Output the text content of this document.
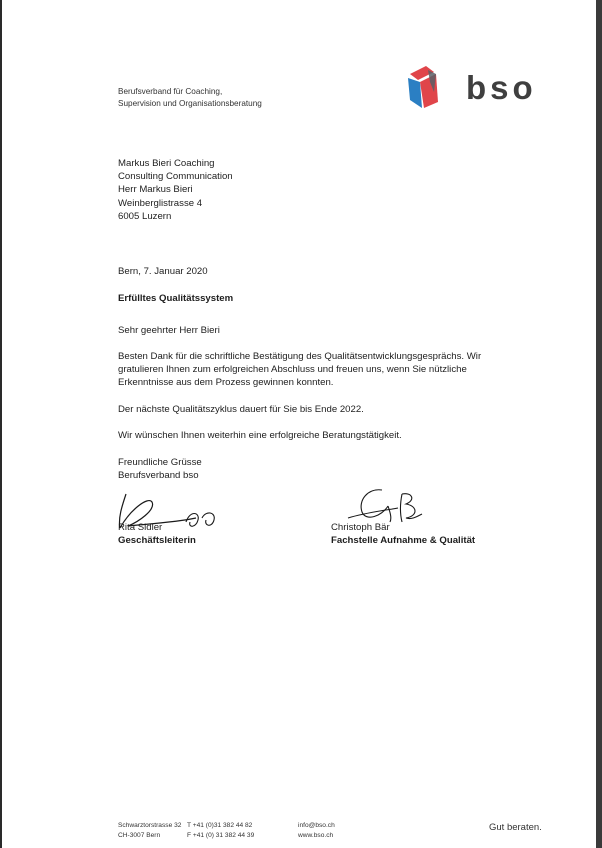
Berufsverband für Coaching,
Supervision und Organisationsberatung	bso
Markus Bieri Coaching
Consulting Communication
Herr Markus Bieri
Weinberglistrasse 4
6005 Luzern
Bern, 7. Januar 2020
Erfülltes Qualitätssystem
Sehr geehrter Herr Bieri
Besten Dank für die schriftliche Bestätigung des Qualitätsentwicklungsgesprächs. Wir
gratulieren Ihnen zum erfolgreichen Abschluss und freuen uns, wenn Sie nützliche
Erkenntnisse aus dem Prozess gewinnen konnten.
Der nächste Qualitätszyklus dauert für Sie bis Ende 2022.
Wir wünschen Ihnen weiterhin eine erfolgreiche Beratungstätigkeit.
Freundliche Grüsse
Berufsverband bso
Rita Sidler
Geschäftsleiterin
Christoph Bär
Fachstelle Aufnahme & Qualität
Schwarztorstrasse 32
CH-3007 Bern
T +41 (0)31 382 44 82
F +41 (0) 31 382 44 39
info@bso.ch
www.bso.ch
Gut beraten.
